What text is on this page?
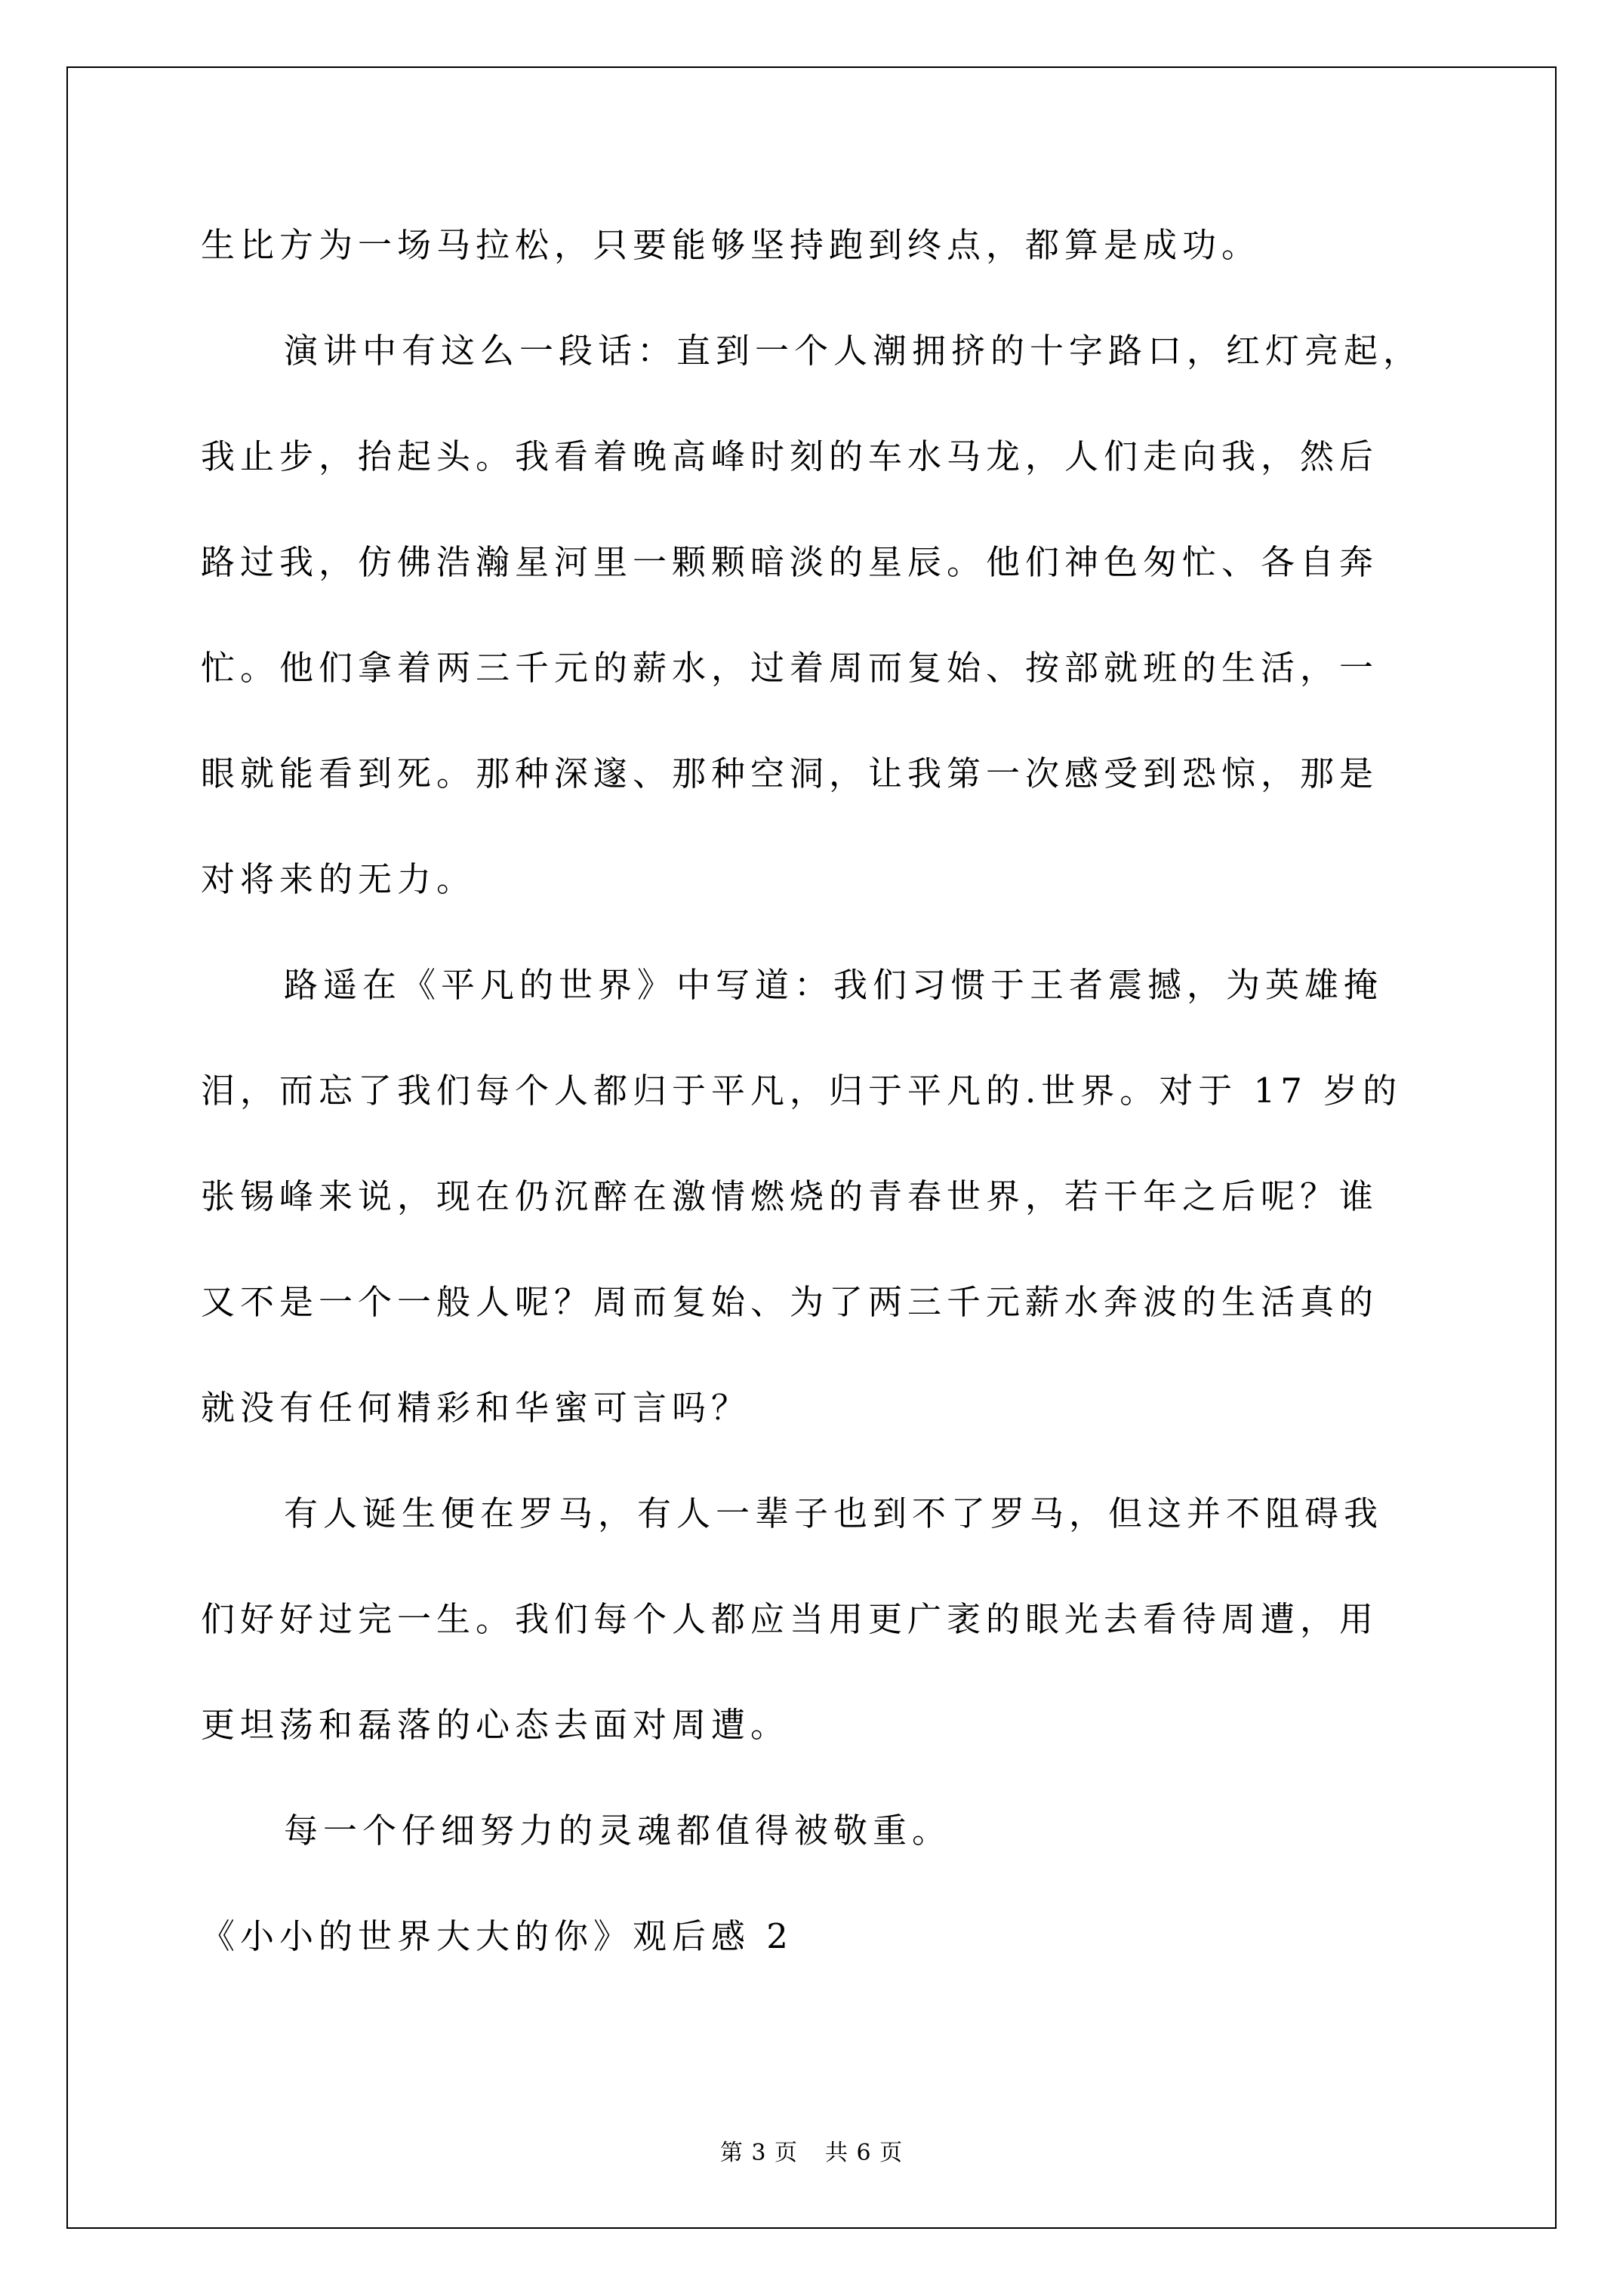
生比方为一场马拉松，只要能够坚持跑到终点，都算是成功。
演讲中有这么一段话：直到一个人潮拥挤的十字路口，红灯亮起，
我止步，抬起头。我看着晚高峰时刻的车水马龙，人们走向我，然后
路过我，仿佛浩瀚星河里一颗颗暗淡的星辰。他们神色匆忙、各自奔
忙。他们拿着两三千元的薪水，过着周而复始、按部就班的生活，一
眼就能看到死。那种深邃、那种空洞，让我第一次感受到恐惊，那是
对将来的无力。
路遥在《平凡的世界》中写道：我们习惯于王者震撼，为英雄掩
泪，而忘了我们每个人都归于平凡，归于平凡的.世界。对于 17 岁的
张锡峰来说，现在仍沉醉在激情燃烧的青春世界，若干年之后呢？谁
又不是一个一般人呢？周而复始、为了两三千元薪水奔波的生活真的
就没有任何精彩和华蜜可言吗？
有人诞生便在罗马，有人一辈子也到不了罗马，但这并不阻碍我
们好好过完一生。我们每个人都应当用更广袤的眼光去看待周遭，用
更坦荡和磊落的心态去面对周遭。
每一个仔细努力的灵魂都值得被敬重。
《小小的世界大大的你》观后感 2
第 3 页 共 6 页
